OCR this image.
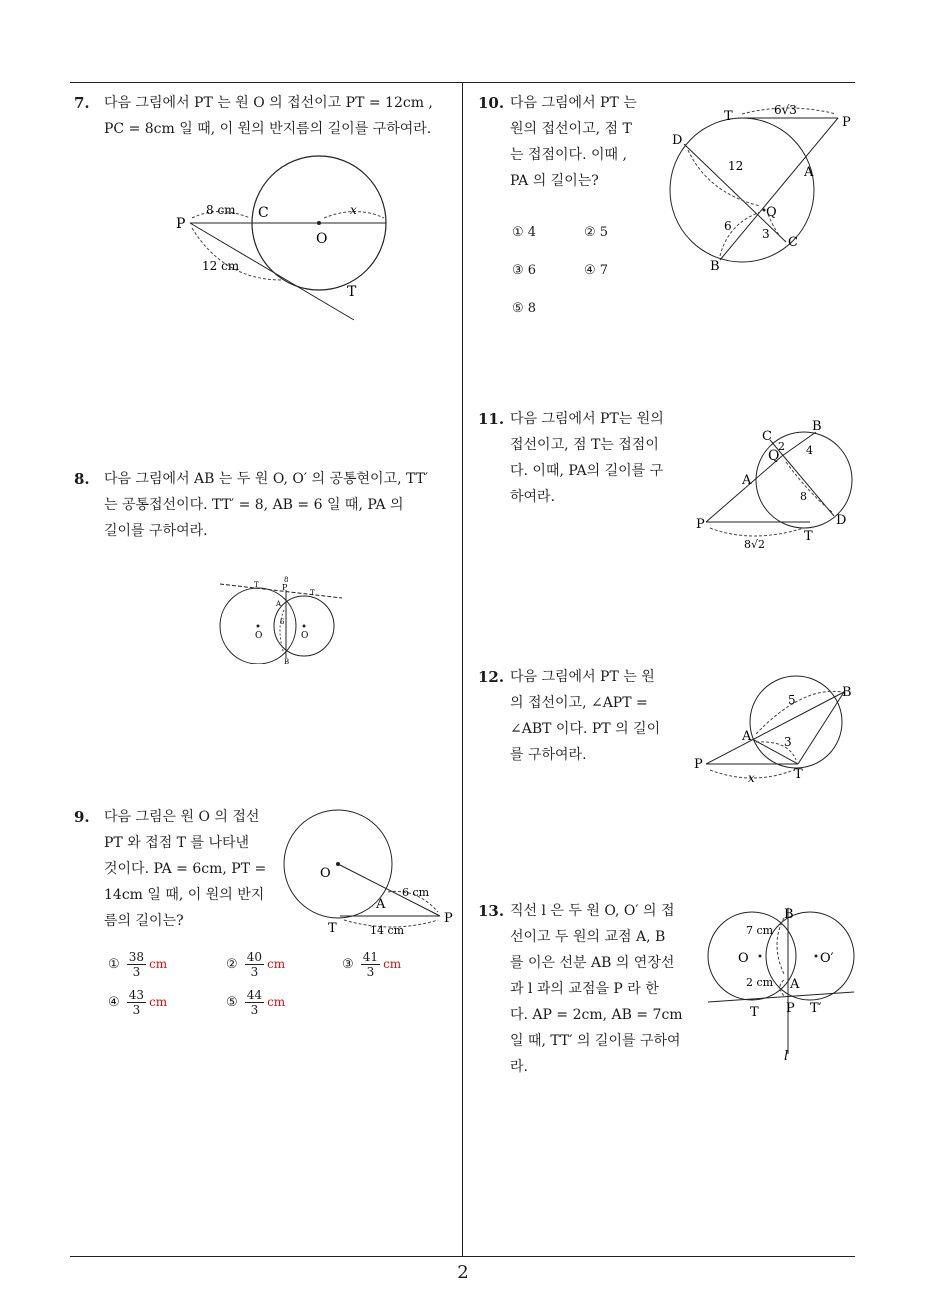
7. 다음 그림에서 PT 는 원 O 의 접선이고 PT = 12cm ,
PC = 8cm 일 때, 이 원의 반지름의 길이를 구하여라.
P
C
O
T
8 cm
12 cm
x
8. 다음 그림에서 AB 는 두 원 O, O′ 의 공통현이고, TT′
는 공통접선이다. TT′ = 8, AB = 6 일 때, PA 의
길이를 구하여라.
T
T
P
A
B
O	O
8
6
9. 다음 그림은 원 O 의 접선
PT 와 접점 T 를 나타낸
것이다. PA = 6cm, PT =
14cm 일 때, 이 원의 반지
름의 길이는?
O
A
P
T
6 cm
14 cm
① $\frac{38}{3}$ cm	② $\frac{40}{3}$ cm	③ $\frac{41}{3}$ cm
④ $\frac{43}{3}$ cm	⑤ $\frac{44}{3}$ cm
10. 다음 그림에서 PT 는
원의 접선이고, 점 T
는 접점이다. 이때 ,
PA 의 길이는?
① 4	② 5
③ 6	④ 7
⑤ 8
T	P
D
A
Q
C
B
6√3
12
6
3
11. 다음 그림에서 PT는 원의
접선이고, 점 T는 접점이
다. 이때, PA의 길이를 구
하여라.
B
C
Q
A
D
P
T
2 4
8
8√2
12. 다음 그림에서 PT 는 원
의 접선이고, ∠APT =
∠ABT 이다. PT 의 길이
를 구하여라.
B
A
P
T
5
3
x
13. 직선 l 은 두 원 O, O′ 의 접
선이고 두 원의 교점 A, B
를 이은 선분 AB 의 연장선
과 l 과의 교점을 P 라 한
다. AP = 2cm, AB = 7cm
일 때, TT′ 의 길이를 구하여
라.
B
O	O′
A
T P T′
l
7 cm
2 cm
2
